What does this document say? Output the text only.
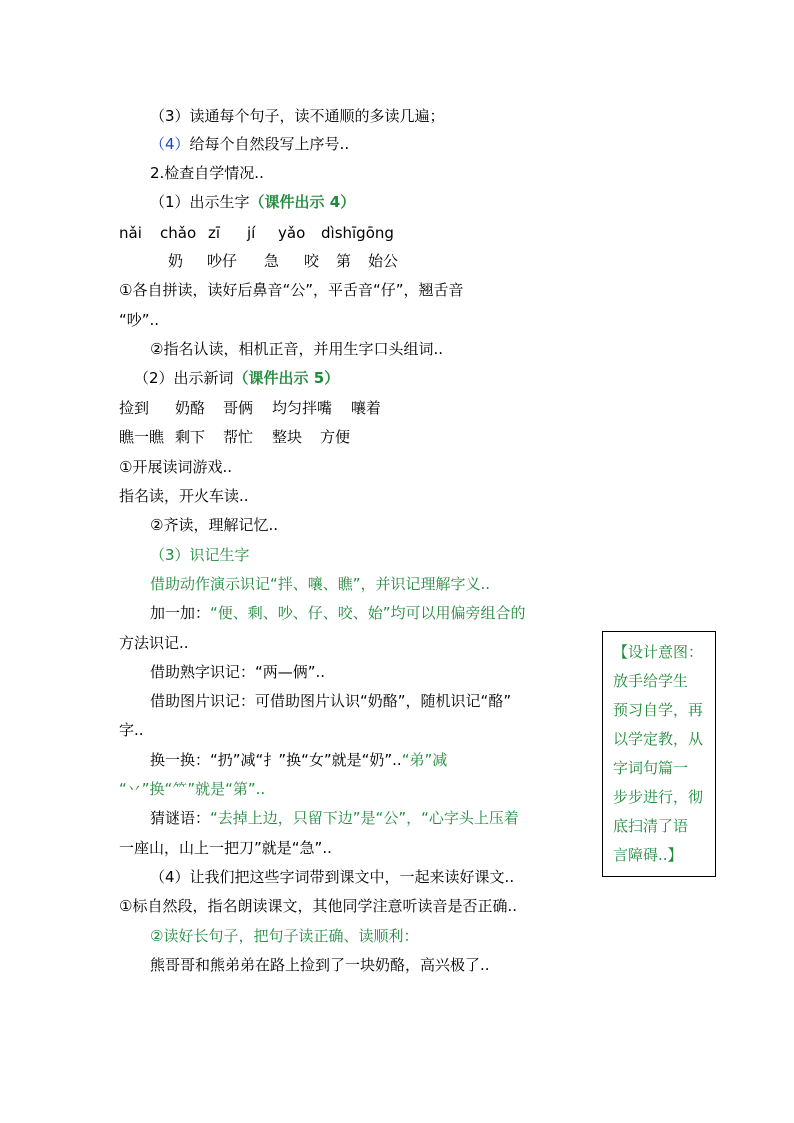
（3）读通每个句子，读不通顺的多读几遍；
（4）给每个自然段写上序号..
2.检查自学情况..
（1）出示生字（课件出示 4）
nǎi chǎo zī jí yǎo dìshīgōng
奶 吵仔 急 咬 第 始公
①各自拼读，读好后鼻音“公”，平舌音“仔”，翘舌音
“吵”..
②指名认读，相机正音，并用生字口头组词..
（2）出示新词（课件出示 5）
捡到 奶酪 哥俩 均匀拌嘴 嚷着
瞧一瞧 剩下 帮忙 整块 方便
①开展读词游戏..
指名读，开火车读..
②齐读，理解记忆..
（3）识记生字
借助动作演示识记“拌、嚷、瞧”，并识记理解字义..
加一加：“便、剩、吵、仔、咬、始”均可以用偏旁组合的
方法识记..
借助熟字识记：“两—俩”..
借助图片识记：可借助图片认识“奶酪”，随机识记“酪”
字..
换一换：“扔”减“扌”换“女”就是“奶”..“弟”减
“丷”换“⺮”就是“第”..
猜谜语：“去掉上边，只留下边”是“公”，“心字头上压着
一座山，山上一把刀”就是“急”..
（4）让我们把这些字词带到课文中，一起来读好课文..
①标自然段，指名朗读课文，其他同学注意听读音是否正确..
②读好长句子，把句子读正确、读顺利：
熊哥哥和熊弟弟在路上捡到了一块奶酪，高兴极了..
【设计意图：
放手给学生
预习自学，再
以学定教，从
字词句篇一
步步进行，彻
底扫清了语
言障碍..】
